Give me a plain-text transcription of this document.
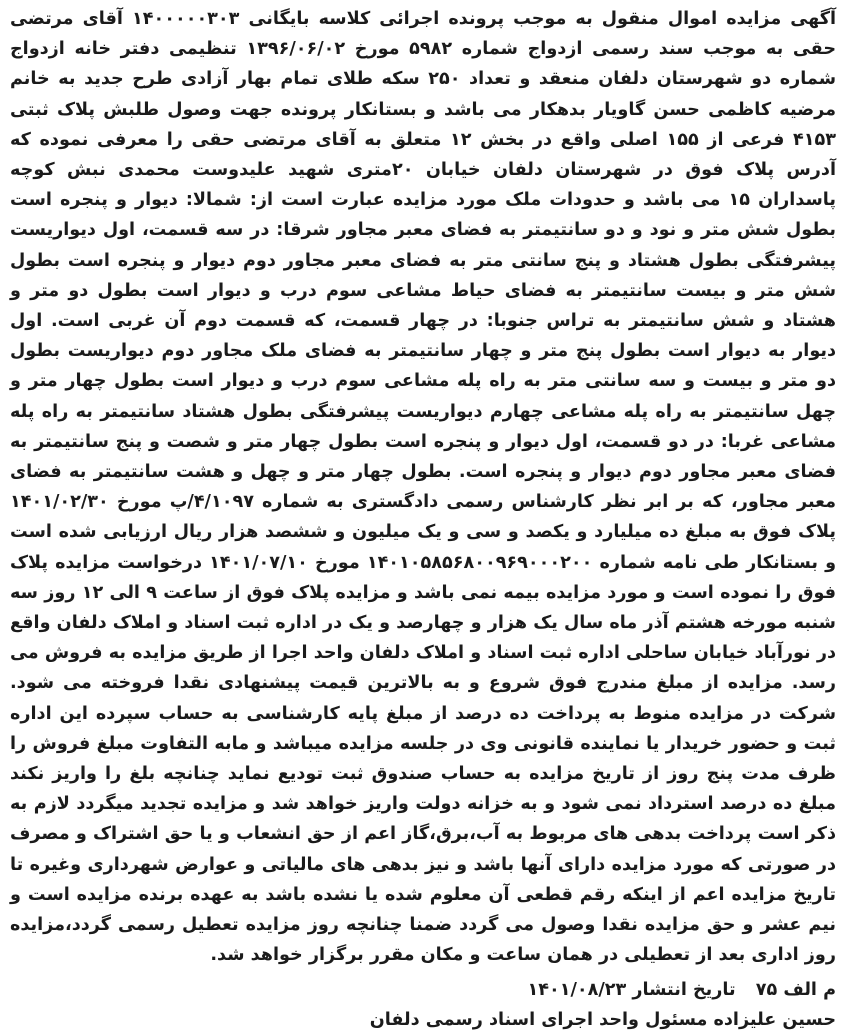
آگهی مزایده اموال منقول به موجب پرونده اجرائی کلاسه بایگانی ۱۴۰۰۰۰۰۳۰۳ آقای مرتضی حقی به موجب سند رسمی ازدواج شماره ۵۹۸۲ مورخ ۱۳۹۶/۰۶/۰۲ تنظیمی دفتر خانه ازدواج شماره دو شهرستان دلفان منعقد و تعداد ۲۵۰ سکه طلای تمام بهار آزادی طرح جدید به خانم مرضیه کاظمی حسن گاویار بدهکار می باشد و بستانکار پرونده جهت وصول طلبش پلاک ثبتی ۴۱۵۳ فرعی از ۱۵۵ اصلی واقع در بخش ۱۲ متعلق به آقای مرتضی حقی را معرفی نموده که آدرس پلاک فوق در شهرستان دلفان خیابان ۲۰متری شهید علیدوست محمدی نبش کوچه پاسداران ۱۵ می باشد و حدودات ملک مورد مزایده عبارت است از: شمالا: دیوار و پنجره است بطول شش متر و نود و دو سانتیمتر به فضای معبر مجاور شرقا: در سه قسمت، اول دیواریست پیشرفتگی بطول هشتاد و پنج سانتی متر به فضای معبر مجاور دوم دیوار و پنجره است بطول شش متر و بیست سانتیمتر به فضای حیاط مشاعی سوم درب و دیوار است بطول دو متر و هشتاد و شش سانتیمتر به تراس جنوبا: در چهار قسمت، که قسمت دوم آن غربی است. اول دیوار به دیوار است بطول پنج متر و چهار سانتیمتر به فضای ملک مجاور دوم دیواریست بطول دو متر و بیست و سه سانتی متر به راه پله مشاعی سوم درب و دیوار است بطول چهار متر و چهل سانتیمتر به راه پله مشاعی چهارم دیواریست پیشرفتگی بطول هشتاد سانتیمتر به راه پله مشاعی غربا: در دو قسمت، اول دیوار و پنجره است بطول چهار متر و شصت و پنج سانتیمتر به فضای معبر مجاور دوم دیوار و پنجره است. بطول چهار متر و چهل و هشت سانتیمتر به فضای معبر مجاور، که بر ابر نظر کارشناس رسمی دادگستری به شماره ۴/۱۰۹۷/پ مورخ ۱۴۰۱/۰۲/۳۰ پلاک فوق به مبلغ ده میلیارد و یکصد و سی و یک میلیون و ششصد هزار ریال ارزیابی شده است و بستانکار طی نامه شماره ۱۴۰۱۰۵۸۵۶۸۰۰۹۶۹۰۰۰۲۰۰ مورخ ۱۴۰۱/۰۷/۱۰ درخواست مزایده پلاک فوق را نموده است و مورد مزایده بیمه نمی باشد و مزایده پلاک فوق از ساعت ۹ الی ۱۲ روز سه شنبه مورخه هشتم آذر ماه سال یک هزار و چهارصد و یک در اداره ثبت اسناد و املاک دلفان واقع در نورآباد خیابان ساحلی اداره ثبت اسناد و املاک دلفان واحد اجرا از طریق مزایده به فروش می رسد. مزایده از مبلغ مندرج فوق شروع و به بالاترین قیمت پیشنهادی نقدا فروخته می شود. شرکت در مزایده منوط به پرداخت ده درصد از مبلغ پایه کارشناسی به حساب سپرده این اداره ثبت و حضور خریدار یا نماینده قانونی وی در جلسه مزایده میباشد و مابه التفاوت مبلغ فروش را ظرف مدت پنج روز از تاریخ مزایده به حساب صندوق ثبت تودیع نماید چنانچه بلغ را واریز نکند مبلغ ده درصد استرداد نمی شود و به خزانه دولت واریز خواهد شد و مزایده تجدید میگردد لازم به ذکر است پرداخت بدهی های مربوط به آب،برق،گاز اعم از حق انشعاب و یا حق اشتراک و مصرف در صورتی که مورد مزایده دارای آنها باشد و نیز بدهی های مالیاتی و عوارض شهرداری وغیره تا تاریخ مزایده اعم از اینکه رقم قطعی آن معلوم شده یا نشده باشد به عهده برنده مزایده است و نیم عشر و حق مزایده نقدا وصول می گردد ضمنا چنانچه روز مزایده تعطیل رسمی گردد،مزایده روز اداری بعد از تعطیلی در همان ساعت و مکان مقرر برگزار خواهد شد.

م الف ۷۵ تاریخ انتشار ۱۴۰۱/۰۸/۲۳
حسین علیزاده مسئول واحد اجرای اسناد رسمی دلفان
